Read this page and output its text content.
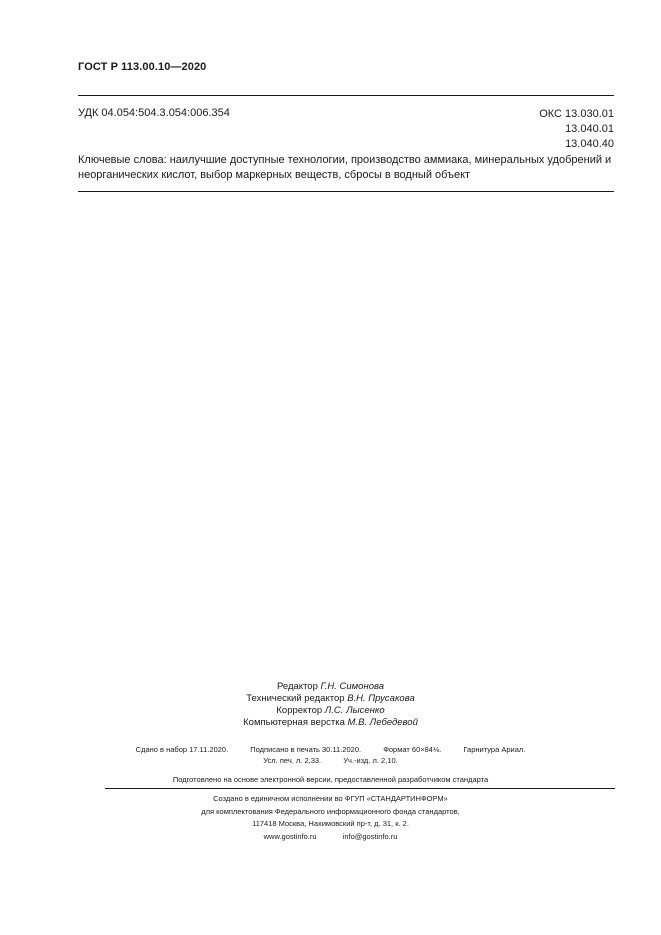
ГОСТ Р 113.00.10—2020
УДК 04.054:504.3.054:006.354	ОКС 13.030.01
13.040.01
13.040.40
Ключевые слова: наилучшие доступные технологии, производство аммиака, минеральных удобрений и неорганических кислот, выбор маркерных веществ, сбросы в водный объект
Редактор Г.Н. Симонова
Технический редактор В.Н. Прусакова
Корректор Л.С. Лысенко
Компьютерная верстка М.В. Лебедевой
Сдано в набор 17.11.2020.	Подписано в печать 30.11.2020.	Формат 60×84⅛.	Гарнитура Ариал.
Усл. печ. л. 2,33.	Уч.-изд. л. 2,10.
Подготовлено на основе электронной версии, предоставленной разработчиком стандарта
Создано в единичном исполнении во ФГУП «СТАНДАРТИНФОРМ»
для комплектования Федерального информационного фонда стандартов,
117418 Москва, Нахимовский пр-т, д. 31, к. 2.
www.gostinfo.ru	info@gostinfo.ru
